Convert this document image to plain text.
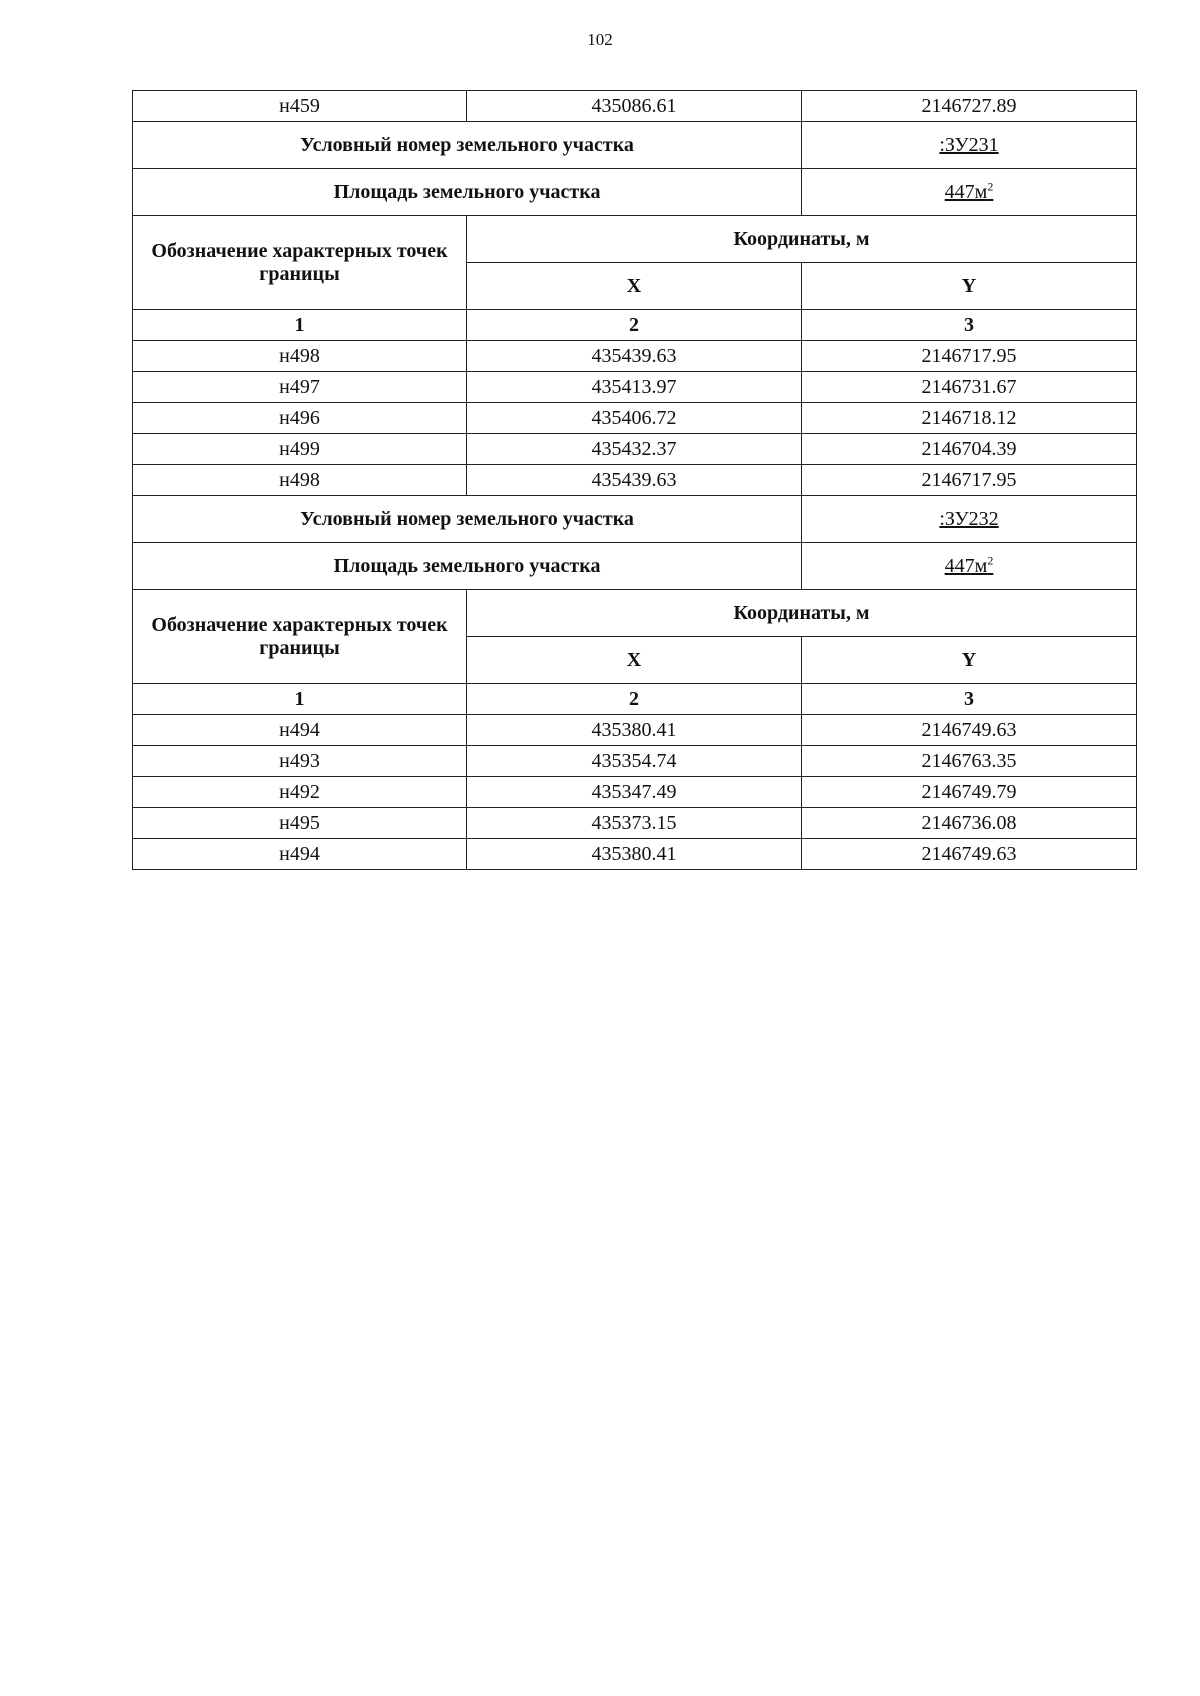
102
н459	435086.61	2146727.89
Условный номер земельного участка		:ЗУ231
Площадь земельного участка		$447м^2$
Обозначение характерных точек границы	Координаты, м	
	X	Y
1	2	3
н498	435439.63	2146717.95
н497	435413.97	2146731.67
н496	435406.72	2146718.12
н499	435432.37	2146704.39
н498	435439.63	2146717.95
Условный номер земельного участка		:ЗУ232
Площадь земельного участка		$447м^2$
Обозначение характерных точек границы	Координаты, м	
	X	Y
1	2	3
н494	435380.41	2146749.63
н493	435354.74	2146763.35
н492	435347.49	2146749.79
н495	435373.15	2146736.08
н494	435380.41	2146749.63
